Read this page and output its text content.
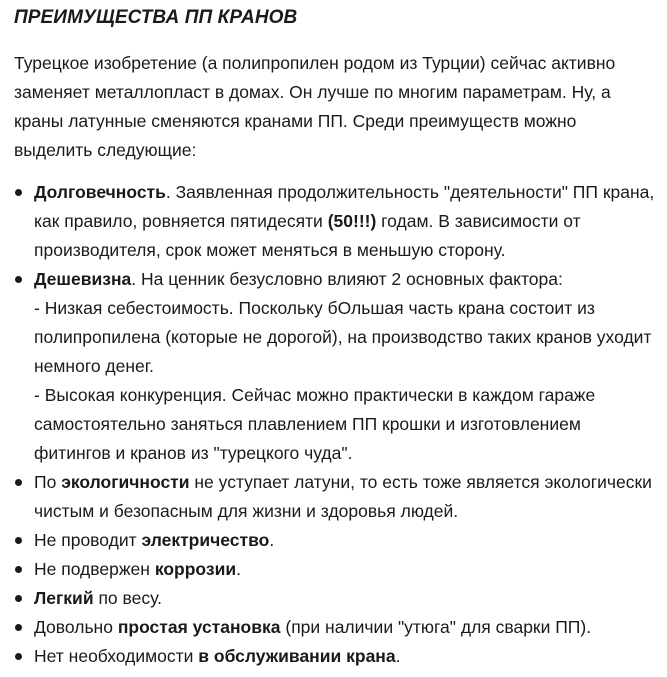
ПРЕИМУЩЕСТВА ПП КРАНОВ

Турецкое изобретение (а полипропилен родом из Турции) сейчас активно заменяет металлопласт в домах. Он лучше по многим параметрам. Ну, а краны латунные сменяются кранами ПП. Среди преимуществ можно выделить следующие:

Долговечность. Заявленная продолжительность "деятельности" ПП крана, как правило, ровняется пятидесяти (50!!!) годам. В зависимости от производителя, срок может меняться в меньшую сторону.
Дешевизна. На ценник безусловно влияют 2 основных фактора:
- Низкая себестоимость. Поскольку бОльшая часть крана состоит из полипропилена (которые не дорогой), на производство таких кранов уходит немного денег.
- Высокая конкуренция. Сейчас можно практически в каждом гараже самостоятельно заняться плавлением ПП крошки и изготовлением фитингов и кранов из "турецкого чуда".
По экологичности не уступает латуни, то есть тоже является экологически чистым и безопасным для жизни и здоровья людей.
Не проводит электричество.
Не подвержен коррозии.
Легкий по весу.
Довольно простая установка (при наличии "утюга" для сварки ПП).
Нет необходимости в обслуживании крана.
